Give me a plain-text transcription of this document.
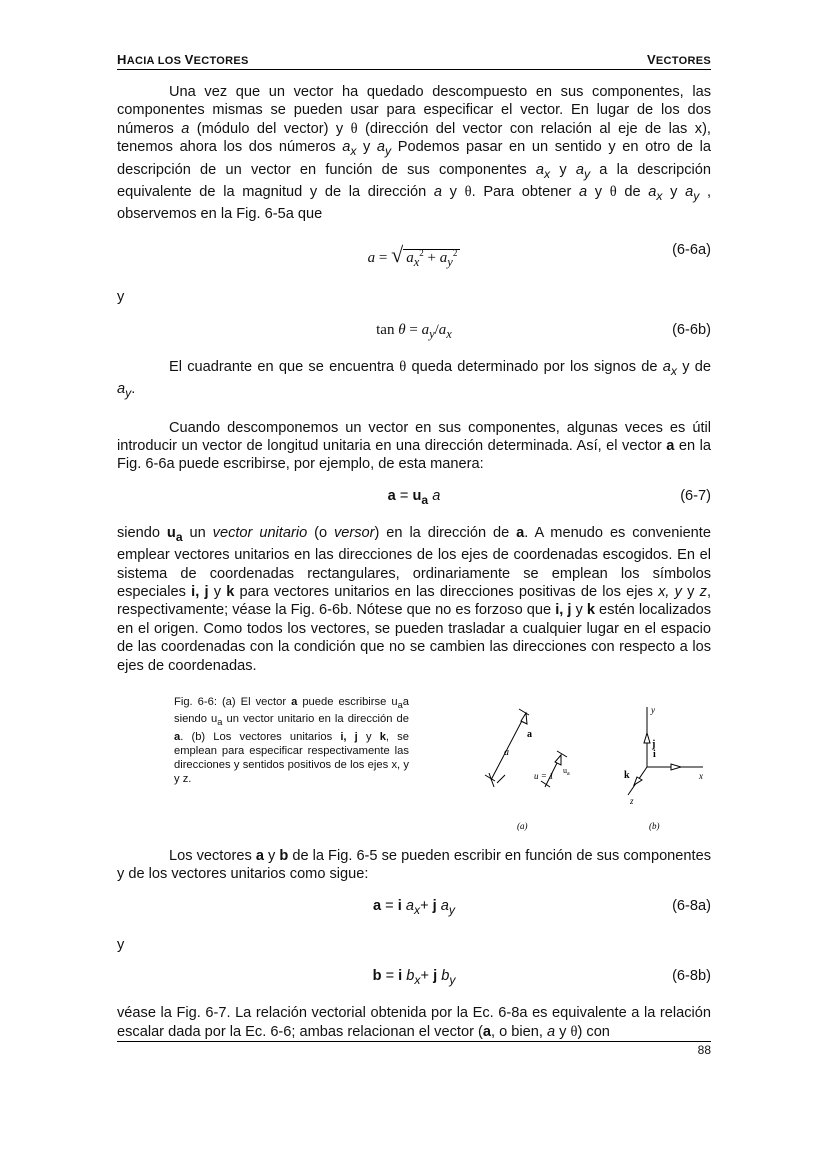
HACIA LOS VECTORES	VECTORES

Una vez que un vector ha quedado descompuesto en sus componentes, las componentes mismas se pueden usar para especificar el vector. En lugar de los dos números a (módulo del vector) y θ (dirección del vector con relación al eje de las x), tenemos ahora los dos números $a_x$ y $a_y$ Podemos pasar en un sentido y en otro de la descripción de un vector en función de sus componentes $a_x$ y $a_y$ a la descripción equivalente de la magnitud y de la dirección a y θ. Para obtener a y θ de $a_x$ y $a_y$ , observemos en la Fig. 6-5a que

a = √ $a_x^2 + a_y^2$	(6-6a)

y

$\tan \theta = a_y/a_x$	(6-6b)

El cuadrante en que se encuentra θ queda determinado por los signos de $a_x$ y de $a_y$.

Cuando descomponemos un vector en sus componentes, algunas veces es útil introducir un vector de longitud unitaria en una dirección determinada. Así, el vector a en la Fig. 6-6a puede escribirse, por ejemplo, de esta manera:

$a = u_a$ a	(6-7)

siendo $u_a$ un vector unitario (o versor) en la dirección de a. A menudo es conveniente emplear vectores unitarios en las direcciones de los ejes de coordenadas escogidos. En el sistema de coordenadas rectangulares, ordinariamente se emplean los símbolos especiales i, j y k para vectores unitarios en las direcciones positivas de los ejes x, y y z, respectivamente; véase la Fig. 6-6b. Nótese que no es forzoso que i, j y k estén localizados en el origen. Como todos los vectores, se pueden trasladar a cualquier lugar en el espacio de las coordenadas con la condición que no se cambien las direcciones con respecto a los ejes de coordenadas.

Fig. 6-6: (a) El vector a puede escribirse $u_aa$ siendo $u_a$ un vector unitario en la dirección de a. (b) Los vectores unitarios i, j y k, se emplean para especificar respectivamente las direcciones y sentidos positivos de los ejes x, y y z.
a
a
u = 1
$u_a$
(a)
y
x
z
i
j
k
(b)

Los vectores a y b de la Fig. 6-5 se pueden escribir en función de sus componentes y de los vectores unitarios como sigue:

a = i $a_x+ j$ $a_y$	(6-8a)

y

b = i $b_x+ j$ $b_y$	(6-8b)

véase la Fig. 6-7. La relación vectorial obtenida por la Ec. 6-8a es equivalente a la relación escalar dada por la Ec. 6-6; ambas relacionan el vector (a, o bien, a y θ) con

88
